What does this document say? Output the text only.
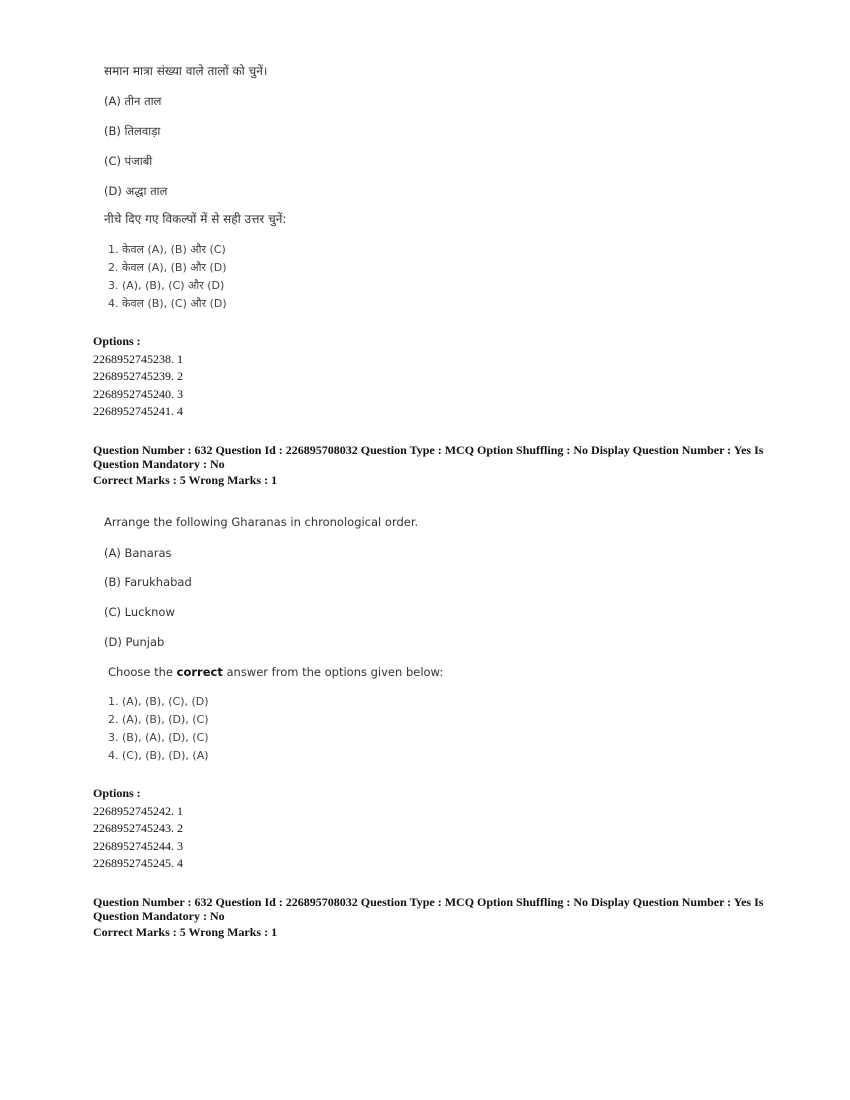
समान मात्रा संख्या वाले तालों को चुनें।
(A) तीन ताल
(B) तिलवाड़ा
(C) पंजाबी
(D) अद्धा ताल
नीचे दिए गए विकल्पों में से सही उत्तर चुनें:
1. केवल (A), (B) और (C)
2. केवल (A), (B) और (D)
3. (A), (B), (C) और (D)
4. केवल (B), (C) और (D)
Options :
2268952745238. 1
2268952745239. 2
2268952745240. 3
2268952745241. 4
Question Number : 632 Question Id : 226895708032 Question Type : MCQ Option Shuffling : No Display Question Number : Yes Is
Question Mandatory : No
Correct Marks : 5 Wrong Marks : 1
Arrange the following Gharanas in chronological order.
(A) Banaras
(B) Farukhabad
(C) Lucknow
(D) Punjab
Choose the correct answer from the options given below:
1. (A), (B), (C), (D)
2. (A), (B), (D), (C)
3. (B), (A), (D), (C)
4. (C), (B), (D), (A)
Options :
2268952745242. 1
2268952745243. 2
2268952745244. 3
2268952745245. 4
Question Number : 632 Question Id : 226895708032 Question Type : MCQ Option Shuffling : No Display Question Number : Yes Is
Question Mandatory : No
Correct Marks : 5 Wrong Marks : 1
